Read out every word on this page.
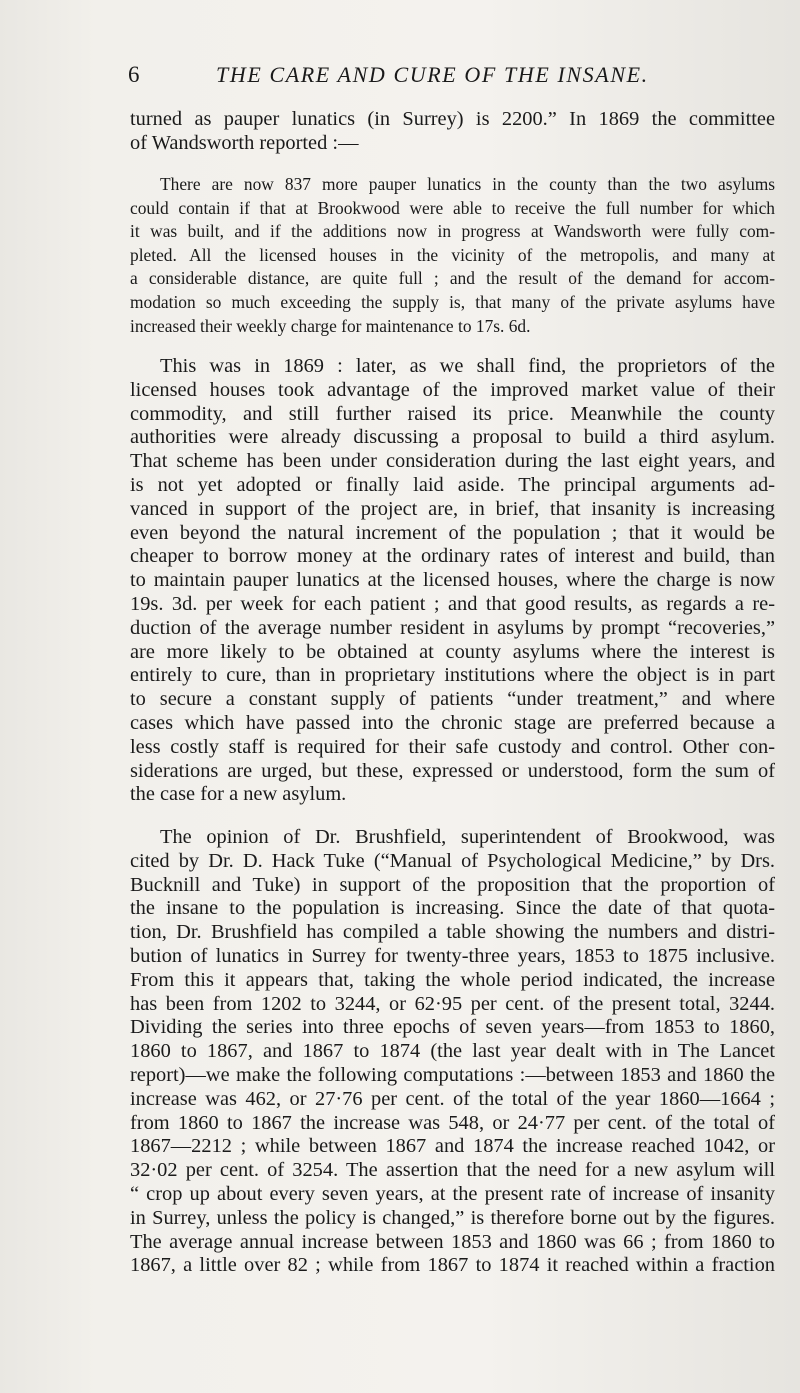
6	THE CARE AND CURE OF THE INSANE.
turned as pauper lunatics (in Surrey) is 2200.” In 1869 the committee
of Wandsworth reported :—
There are now 837 more pauper lunatics in the county than the two asylums
could contain if that at Brookwood were able to receive the full number for which
it was built, and if the additions now in progress at Wandsworth were fully com-
pleted. All the licensed houses in the vicinity of the metropolis, and many at
a considerable distance, are quite full ; and the result of the demand for accom-
modation so much exceeding the supply is, that many of the private asylums have
increased their weekly charge for maintenance to 17s. 6d.
This was in 1869 : later, as we shall find, the proprietors of the
licensed houses took advantage of the improved market value of their
commodity, and still further raised its price. Meanwhile the county
authorities were already discussing a proposal to build a third asylum.
That scheme has been under consideration during the last eight years, and
is not yet adopted or finally laid aside. The principal arguments ad-
vanced in support of the project are, in brief, that insanity is increasing
even beyond the natural increment of the population ; that it would be
cheaper to borrow money at the ordinary rates of interest and build, than
to maintain pauper lunatics at the licensed houses, where the charge is now
19s. 3d. per week for each patient ; and that good results, as regards a re-
duction of the average number resident in asylums by prompt “recoveries,”
are more likely to be obtained at county asylums where the interest is
entirely to cure, than in proprietary institutions where the object is in part
to secure a constant supply of patients “under treatment,” and where
cases which have passed into the chronic stage are preferred because a
less costly staff is required for their safe custody and control. Other con-
siderations are urged, but these, expressed or understood, form the sum of
the case for a new asylum.
The opinion of Dr. Brushfield, superintendent of Brookwood, was
cited by Dr. D. Hack Tuke (“Manual of Psychological Medicine,” by Drs.
Bucknill and Tuke) in support of the proposition that the proportion of
the insane to the population is increasing. Since the date of that quota-
tion, Dr. Brushfield has compiled a table showing the numbers and distri-
bution of lunatics in Surrey for twenty-three years, 1853 to 1875 inclusive.
From this it appears that, taking the whole period indicated, the increase
has been from 1202 to 3244, or 62·95 per cent. of the present total, 3244.
Dividing the series into three epochs of seven years—from 1853 to 1860,
1860 to 1867, and 1867 to 1874 (the last year dealt with in The Lancet
report)—we make the following computations :—between 1853 and 1860 the
increase was 462, or 27·76 per cent. of the total of the year 1860—1664 ;
from 1860 to 1867 the increase was 548, or 24·77 per cent. of the total of
1867—2212 ; while between 1867 and 1874 the increase reached 1042, or
32·02 per cent. of 3254. The assertion that the need for a new asylum will
“ crop up about every seven years, at the present rate of increase of insanity
in Surrey, unless the policy is changed,” is therefore borne out by the figures.
The average annual increase between 1853 and 1860 was 66 ; from 1860 to
1867, a little over 82 ; while from 1867 to 1874 it reached within a fraction
